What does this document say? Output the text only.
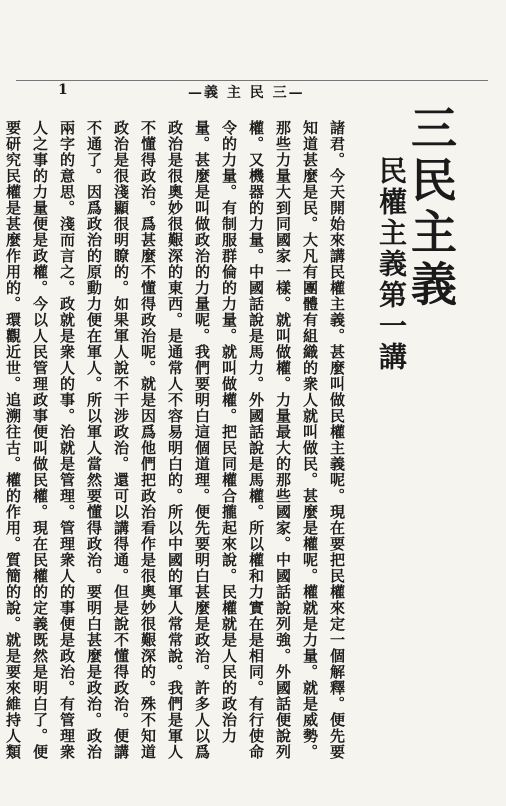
1	—義 主 民 三—
三民主義
民權主義第一講

諸君。今天開始來講民權主義。甚麼叫做民權主義呢。現在要把民權來定一個解釋。便先要知道甚麼是民。大凡有團體有組織的衆人就叫做民。甚麼是權呢。權就是力量。就是威勢。那些力量大到同國家一樣。就叫做權。力量最大的那些國家。中國話說列強。外國話便說列權。又機器的力量。中國話說是馬力。外國話說是馬權。所以權和力實在是相同。有行使命令的力量。有制服群倫的力量。就叫做權。把民同權合攏起來說。民權就是人民的政治力量。甚麼是叫做政治的力量呢。我們要明白這個道理。便先要明白甚麼是政治。許多人以爲政治是很奧妙很艱深的東西。是通常人不容易明白的。所以中國的軍人常常說。我們是軍人不懂得政治。爲甚麼不懂得政治呢。就是因爲他們把政治看作是很奧妙很艱深的。殊不知道政治是很淺顯很明瞭的。如果軍人說不干涉政治。還可以講得通。但是說不懂得政治。便講不通了。因爲政治的原動力便在軍人。所以軍人當然要懂得政治。要明白甚麼是政治。政治兩字的意思。淺而言之。政就是衆人的事。治就是管理。管理衆人的事便是政治。有管理衆人之事的力量便是政權。今以人民管理政事便叫做民權。現在民權的定義既然是明白了。便要研究民權是甚麼作用的。環觀近世。追溯往古。權的作用。質簡的說。就是要來維持人類
